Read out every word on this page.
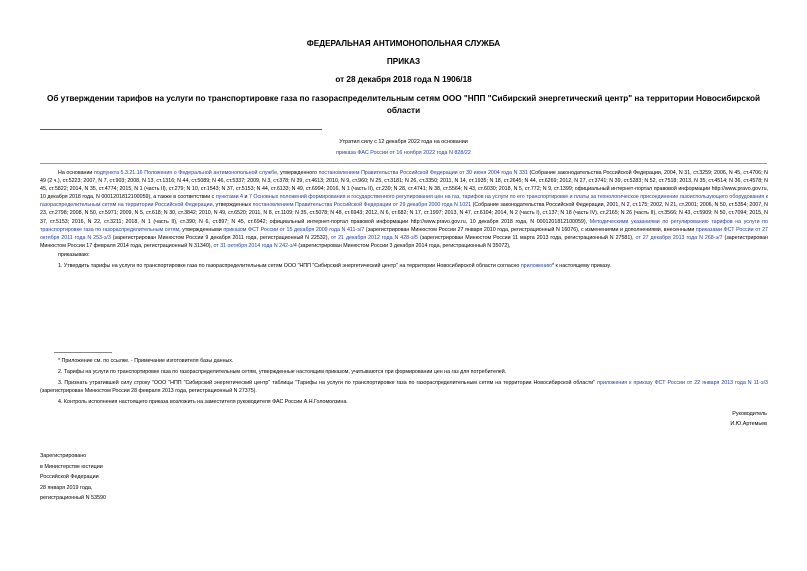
ФЕДЕРАЛЬНАЯ АНТИМОНОПОЛЬНАЯ СЛУЖБА
ПРИКАЗ
от 28 декабря 2018 года N 1906/18
Об утверждении тарифов на услуги по транспортировке газа по газораспределительным сетям ООО "НПП "Сибирский энергетический центр" на территории Новосибирской области
Утратил силу с 12 декабря 2022 года на основании
приказа ФАС России от 16 ноября 2022 года N 828/22

На основании подпункта 5.3.21.16 Положения о Федеральной антимонопольной службе, утвержденного постановлением Правительства Российской Федерации от 30 июня 2004 года N 331 (Собрание законодательства Российской Федерации, 2004, N 31, ст.3259; 2006, N 45, ст.4706; N 49 (2 ч.), ст.5223; 2007, N 7, ст.903; 2008, N 13, ст.1316; N 44, ст.5089; N 46, ст.5337; 2009, N 3, ст.378; N 39, ст.4613; 2010, N 9, ст.960; N 25, ст.3181; N 26, ст.3350; 2011, N 14, ст.1935; N 18, ст.2645; N 44, ст.6269; 2012, N 27, ст.3741; N 39, ст.5283; N 52, ст.7518; 2013, N 35, ст.4514; N 36, ст.4578; N 45, ст.5822; 2014, N 35, ст.4774; 2015, N 1 (часть II), ст.279; N 10, ст.1543; N 37, ст.5153; N 44, ст.6133; N 49, ст.6994; 2016, N 1 (часть II), ст.239; N 28, ст.4741; N 38, ст.5564; N 43, ст.6030; 2018, N 5, ст.772; N 9, ст.1399; официальный интернет-портал правовой информации http://www.pravo.gov.ru, 10 декабря 2018 года, N 0001201812100059), а также в соответствии с пунктами 4 и 7 Основных положений формирования и государственного регулирования цен на газ, тарифов на услуги по его транспортировке и платы за технологическое присоединение газоиспользующего оборудования к газораспределительным сетям на территории Российской Федерации, утвержденных постановлением Правительства Российской Федерации от 29 декабря 2000 года N 1021 (Собрание законодательства Российской Федерации, 2001, N 2, ст.175; 2002, N 21, ст.2001; 2006, N 50, ст.5354; 2007, N 23, ст.2798; 2008, N 50, ст.5971; 2009, N 5, ст.618; N 30, ст.3842; 2010, N 49, ст.6520; 2011, N 8, ст.1109; N 35, ст.5078; N 48, ст.6943; 2012, N 6, ст.682; N 17, ст.1997; 2013, N 47, ст.6104; 2014, N 2 (часть I), ст.137; N 18 (часть IV), ст.2165; N 26 (часть II), ст.3566; N 43, ст.5909; N 50, ст.7094; 2015, N 37, ст.5153; 2016, N 22, ст.3211; 2018, N 1 (часть II), ст.390; N 6, ст.897; N 45, ст.6942; официальный интернет-портал правовой информации http://www.pravo.gov.ru, 10 декабря 2018 года, N 0001201812100059), Методическими указаниями по регулированию тарифов на услуги по транспортировке газа по газораспределительным сетям, утвержденными приказом ФСТ России от 15 декабря 2009 года N 411-э/7 (зарегистрирован Минюстом России 27 января 2010 года, регистрационный N 16076), с изменениями и дополнениями, внесенными приказами ФСТ России от 27 октября 2011 года N 253-э/3 (зарегистрирован Минюстом России 9 декабря 2011 года, регистрационный N 22532), от 21 декабря 2012 года N 428-э/5 (зарегистрирован Минюстом России 11 марта 2013 года, регистрационный N 27581), от 27 декабря 2013 года N 268-э/7 (зарегистрирован Минюстом России 17 февраля 2014 года, регистрационный N 31340), от 31 октября 2014 года N 242-э/4 (зарегистрирован Минюстом России 3 декабря 2014 года, регистрационный N 35072),

приказываю:

1. Утвердить тарифы на услуги по транспортировке газа по газораспределительным сетям ООО "НПП "Сибирский энергетический центр" на территории Новосибирской области согласно приложению* к настоящему приказу.

* Приложение см. по ссылке. - Примечание изготовителя базы данных.

2. Тарифы на услуги по транспортировке газа по газораспределительным сетям, утвержденные настоящим приказом, учитываются при формировании цен на газ для потребителей.

3. Признать утратившей силу строку "ООО "НПП "Сибирский энергетический центр" таблицы "Тарифы на услуги по транспортировке газа по газораспределительным сетям на территории Новосибирской области" приложения к приказу ФСТ России от 22 января 2013 года N 11-э/3 (зарегистрирован Минюстом России 28 февраля 2013 года, регистрационный N 27375).

4. Контроль исполнения настоящего приказа возложить на заместителя руководителя ФАС России А.Н.Голомолзина.

Руководитель
И.Ю.Артемьев
Зарегистрировано
в Министерстве юстиции
Российской Федерации
28 января 2019 года,
регистрационный N 53590
